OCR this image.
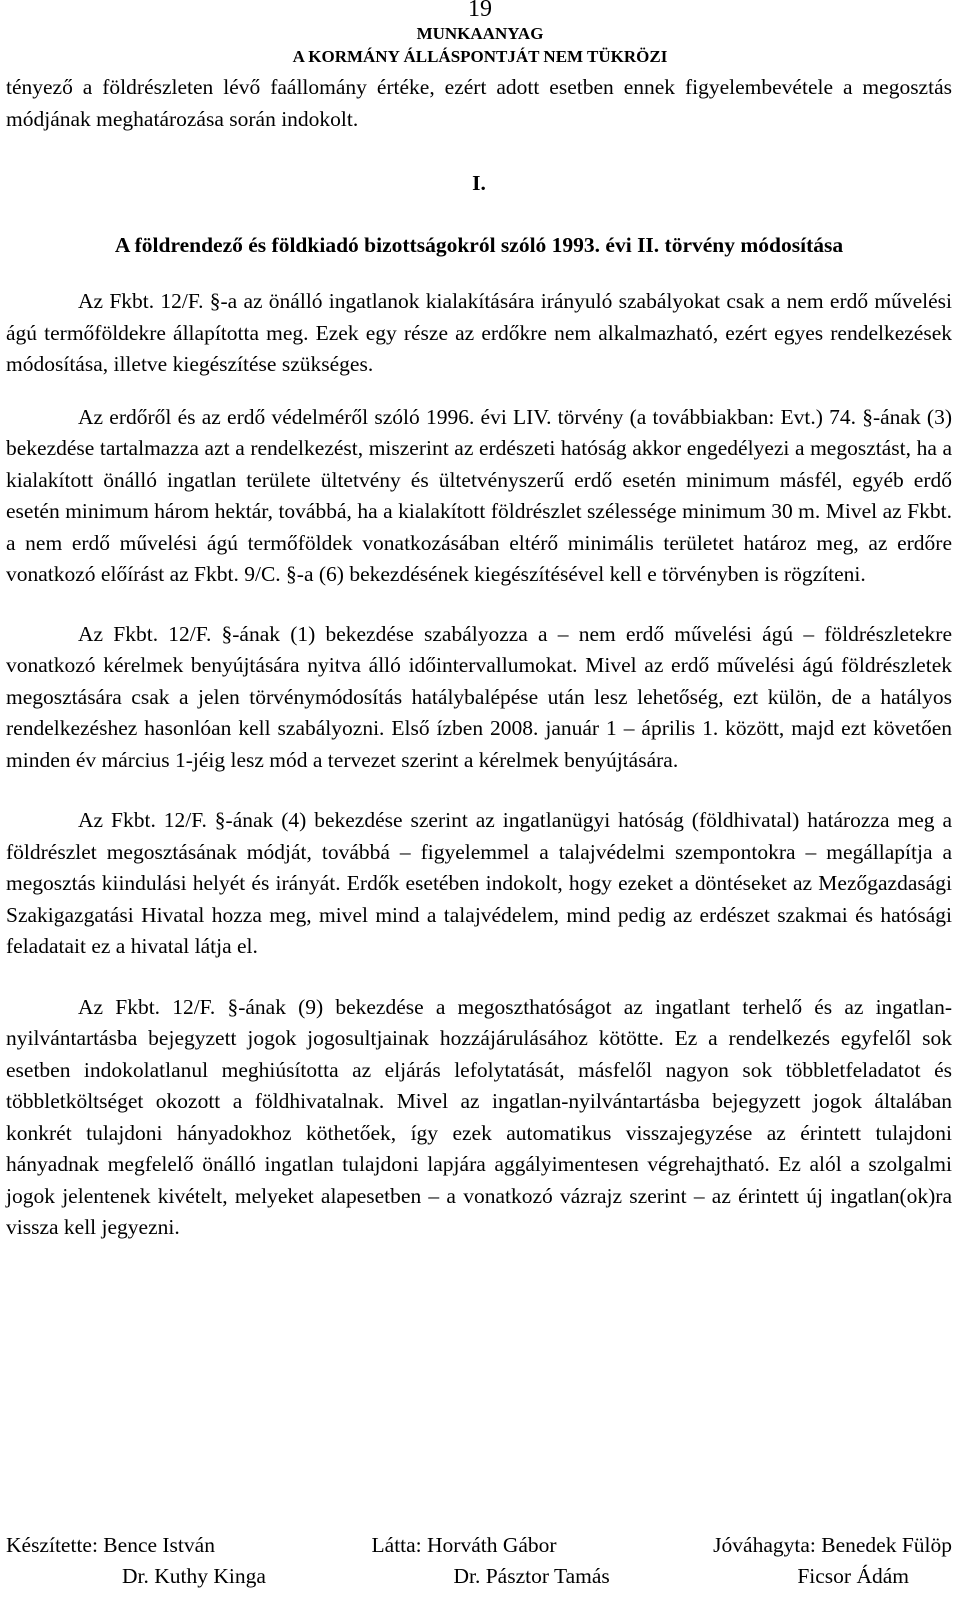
19
MUNKAANYAG
A KORMÁNY ÁLLÁSPONTJÁT NEM TÜKRÖZI

tényező a földrészleten lévő faállomány értéke, ezért adott esetben ennek figyelembevétele a megosztás módjának meghatározása során indokolt.

I.

A földrendező és földkiadó bizottságokról szóló 1993. évi II. törvény módosítása

Az Fkbt. 12/F. §-a az önálló ingatlanok kialakítására irányuló szabályokat csak a nem erdő művelési ágú termőföldekre állapította meg. Ezek egy része az erdőkre nem alkalmazható, ezért egyes rendelkezések módosítása, illetve kiegészítése szükséges.

Az erdőről és az erdő védelméről szóló 1996. évi LIV. törvény (a továbbiakban: Evt.) 74. §-ának (3) bekezdése tartalmazza azt a rendelkezést, miszerint az erdészeti hatóság akkor engedélyezi a megosztást, ha a kialakított önálló ingatlan területe ültetvény és ültetvényszerű erdő esetén minimum másfél, egyéb erdő esetén minimum három hektár, továbbá, ha a kialakított földrészlet szélessége minimum 30 m. Mivel az Fkbt. a nem erdő művelési ágú termőföldek vonatkozásában eltérő minimális területet határoz meg, az erdőre vonatkozó előírást az Fkbt. 9/C. §-a (6) bekezdésének kiegészítésével kell e törvényben is rögzíteni.

Az Fkbt. 12/F. §-ának (1) bekezdése szabályozza a – nem erdő művelési ágú – földrészletekre vonatkozó kérelmek benyújtására nyitva álló időintervallumokat. Mivel az erdő művelési ágú földrészletek megosztására csak a jelen törvénymódosítás hatálybalépése után lesz lehetőség, ezt külön, de a hatályos rendelkezéshez hasonlóan kell szabályozni. Első ízben 2008. január 1 – április 1. között, majd ezt követően minden év március 1-jéig lesz mód a tervezet szerint a kérelmek benyújtására.

Az Fkbt. 12/F. §-ának (4) bekezdése szerint az ingatlanügyi hatóság (földhivatal) határozza meg a földrészlet megosztásának módját, továbbá – figyelemmel a talajvédelmi szempontokra – megállapítja a megosztás kiindulási helyét és irányát. Erdők esetében indokolt, hogy ezeket a döntéseket az Mezőgazdasági Szakigazgatási Hivatal hozza meg, mivel mind a talajvédelem, mind pedig az erdészet szakmai és hatósági feladatait ez a hivatal látja el.

Az Fkbt. 12/F. §-ának (9) bekezdése a megoszthatóságot az ingatlant terhelő és az ingatlan-nyilvántartásba bejegyzett jogok jogosultjainak hozzájárulásához kötötte. Ez a rendelkezés egyfelől sok esetben indokolatlanul meghiúsította az eljárás lefolytatását, másfelől nagyon sok többletfeladatot és többletköltséget okozott a földhivatalnak. Mivel az ingatlan-nyilvántartásba bejegyzett jogok általában konkrét tulajdoni hányadokhoz köthetőek, így ezek automatikus visszajegyzése az érintett tulajdoni hányadnak megfelelő önálló ingatlan tulajdoni lapjára aggályimentesen végrehajtható. Ez alól a szolgalmi jogok jelentenek kivételt, melyeket alapesetben – a vonatkozó vázrajz szerint – az érintett új ingatlan(ok)ra vissza kell jegyezni.

Készítette: Bence István	Látta: Horváth Gábor	Jóváhagyta: Benedek Fülöp
Dr. Kuthy Kinga	Dr. Pásztor Tamás	Ficsor Ádám
